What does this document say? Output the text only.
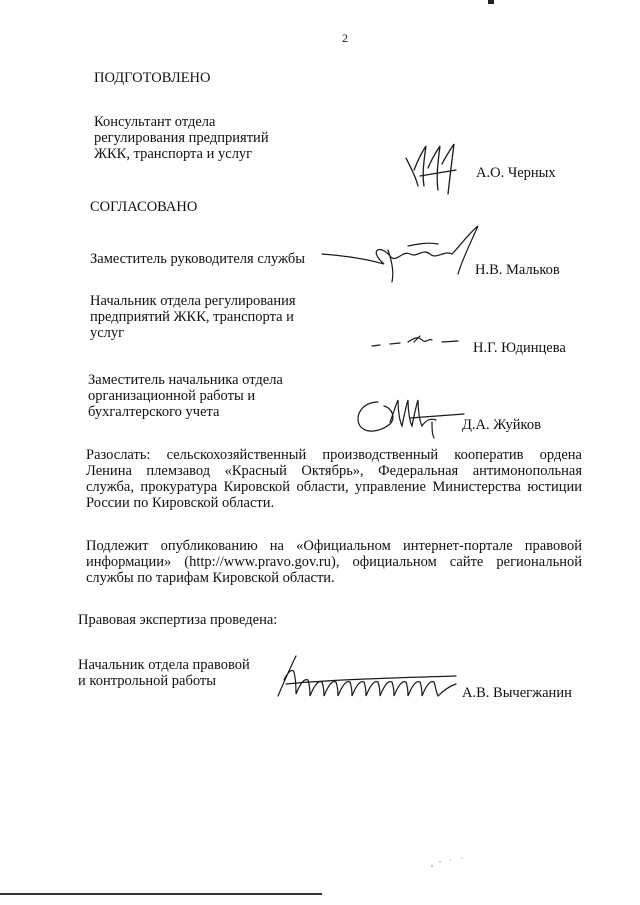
2
ПОДГОТОВЛЕНО
Консультант отдела
регулирования предприятий
ЖКК, транспорта и услуг
А.О. Черных
СОГЛАСОВАНО
Заместитель руководителя службы
Н.В. Мальков
Начальник отдела регулирования
предприятий ЖКК, транспорта и
услуг
Н.Г. Юдинцева
Заместитель начальника отдела
организационной работы и
бухгалтерского учета
Д.А. Жуйков
Разослать: сельскохозяйственный производственный кооператив ордена
Ленина племзавод «Красный Октябрь», Федеральная антимонопольная
служба, прокуратура Кировской области, управление Министерства юстиции
России по Кировской области.
Подлежит опубликованию на «Официальном интернет-портале правовой
информации» (http://www.pravo.gov.ru), официальном сайте региональной
службы по тарифам Кировской области.
Правовая экспертиза проведена:
Начальник отдела правовой
и контрольной работы
А.В. Вычегжанин
